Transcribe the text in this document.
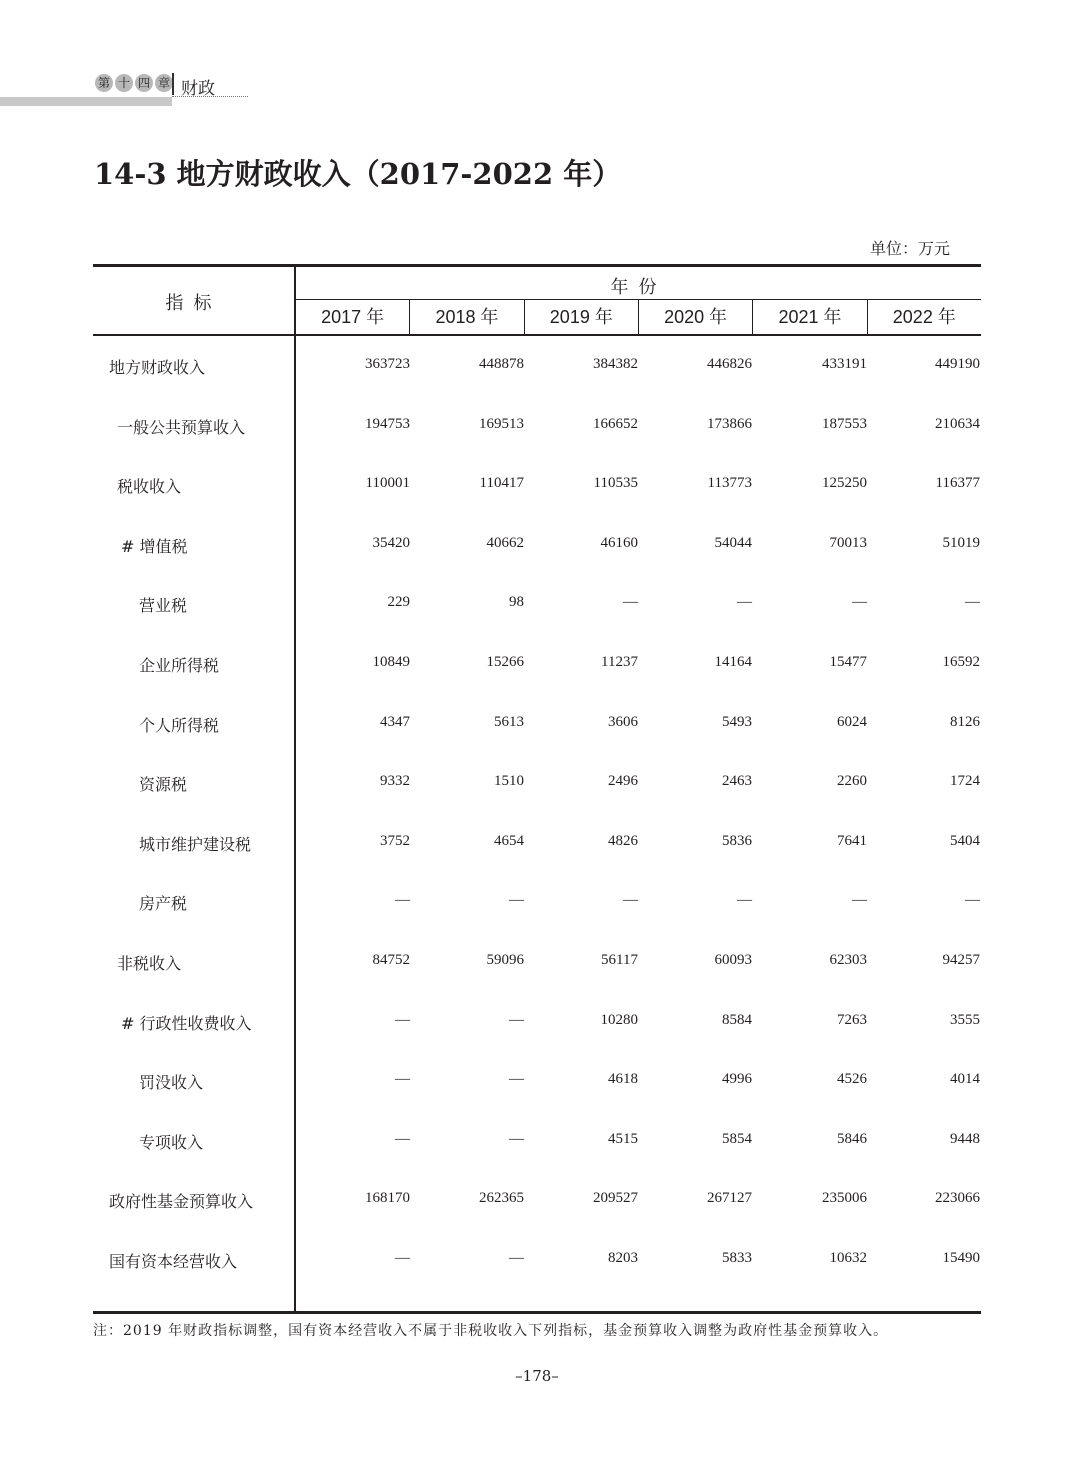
第 十 四 章 财政
14-3 地方财政收入（2017-2022 年）
单位：万元
指标
年份
2017 年	2018 年	2019 年	2020 年	2021 年	2022 年
地方财政收入	363723	448878	384382	446826	433191	449190
一般公共预算收入	194753	169513	166652	173866	187553	210634
税收收入	110001	110417	110535	113773	125250	116377
# 增值税	35420	40662	46160	54044	70013	51019
营业税	229	98	—	—	—	—
企业所得税	10849	15266	11237	14164	15477	16592
个人所得税	4347	5613	3606	5493	6024	8126
资源税	9332	1510	2496	2463	2260	1724
城市维护建设税	3752	4654	4826	5836	7641	5404
房产税	—	—	—	—	—	—
非税收入	84752	59096	56117	60093	62303	94257
# 行政性收费收入	—	—	10280	8584	7263	3555
罚没收入	—	—	4618	4996	4526	4014
专项收入	—	—	4515	5854	5846	9448
政府性基金预算收入	168170	262365	209527	267127	235006	223066
国有资本经营收入	—	—	8203	5833	10632	15490
注：2019 年财政指标调整，国有资本经营收入不属于非税收收入下列指标，基金预算收入调整为政府性基金预算收入。
–178–
